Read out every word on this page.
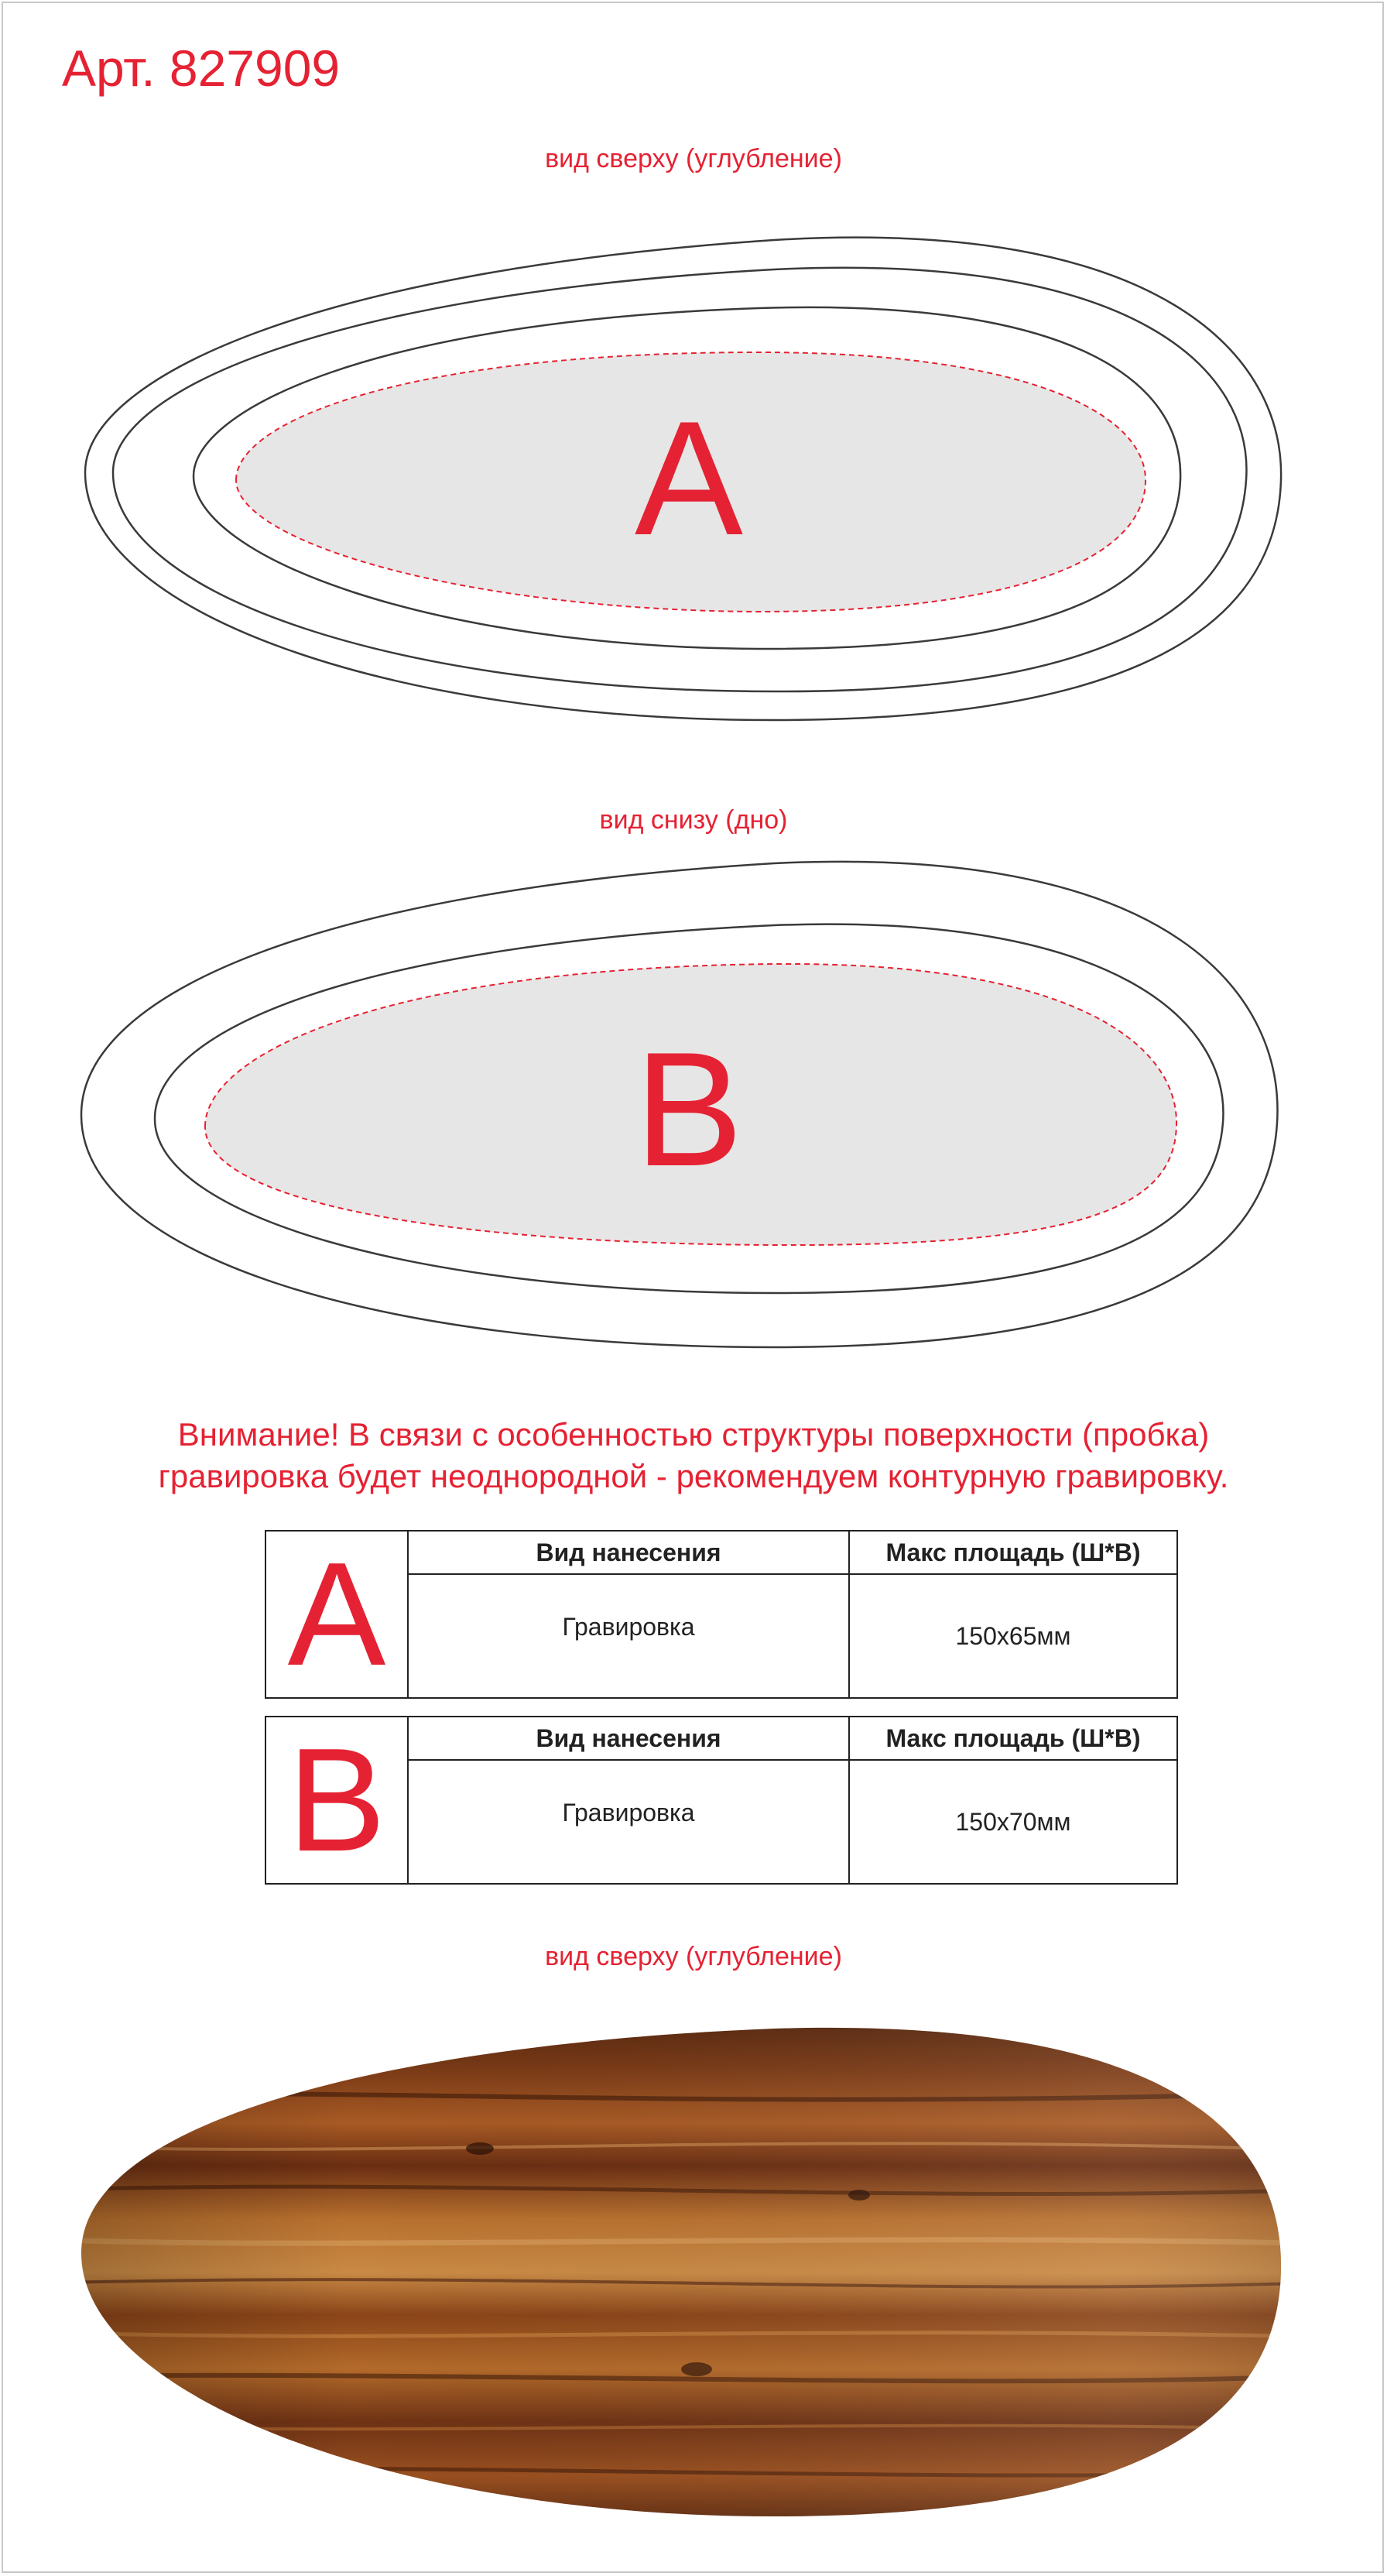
Арт. 827909
вид сверху (углубление)
A
вид снизу (дно)
B
Внимание! В связи с особенностью структуры поверхности (пробка)
гравировка будет неоднородной - рекомендуем контурную гравировку.
A	Вид нанесения	Макс площадь (Ш*В)
Гравировка	150x65мм
B	Вид нанесения	Макс площадь (Ш*В)
Гравировка	150x70мм
вид сверху (углубление)
